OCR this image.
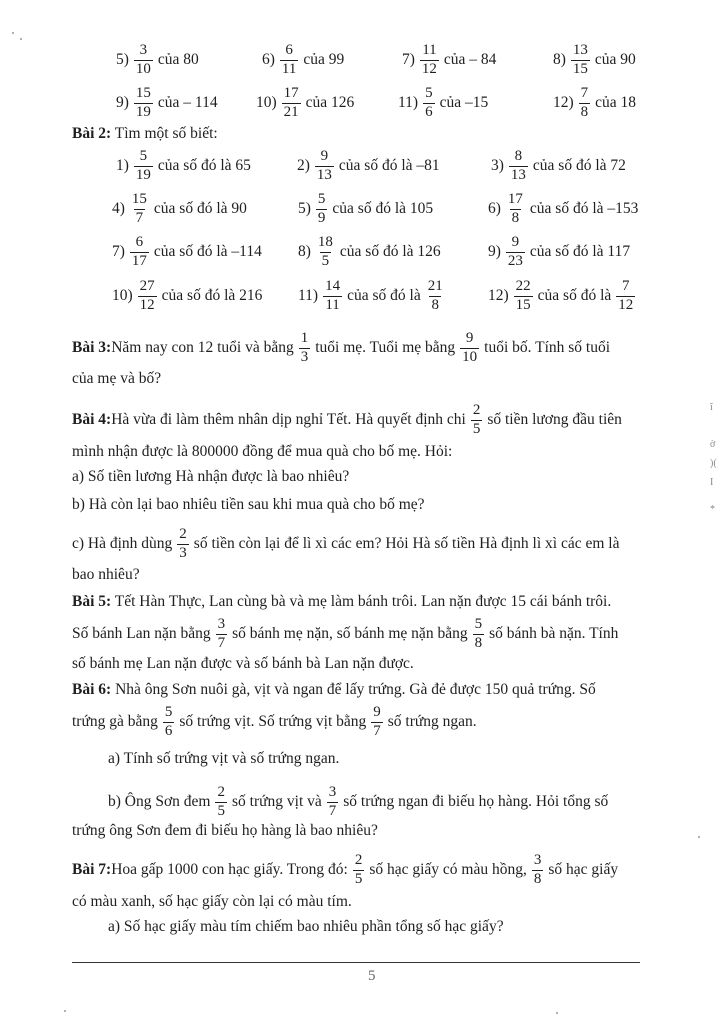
$5) \frac{3}{10}$ của 80	$6) \frac{6}{11}$ của 99	$7) \frac{11}{12}$ của – 84	$8) \frac{13}{15}$ của 90
$9) \frac{15}{19}$ của – 114 $10) \frac{17}{21}$ của 126	$11) \frac{5}{6}$ của –15	$12) \frac{7}{8}$ của 18
Bài 2: Tìm một số biết:
$1) \frac{5}{19}$ của số đó là 65	$2) \frac{9}{13}$ của số đó là –81	$3) \frac{8}{13}$ của số đó là 72
$4) \frac{15}{7}$ của số đó là 90	$5) \frac{5}{9}$ của số đó là 105	$6) \frac{17}{8}$ của số đó là –153
$7) \frac{6}{17}$ của số đó là –114 $8) \frac{18}{5}$ của số đó là 126	$9) \frac{9}{23}$ của số đó là 117
$10) \frac{27}{12}$ của số đó là 216 $11) \frac{14}{11}$ của số đó là $\frac{21}{8}$	$12) \frac{22}{15}$ của số đó là $\frac{7}{12}$
Bài 3: Năm nay con 12 tuổi và bằng $\frac{1}{3}$ tuổi mẹ. Tuổi mẹ bằng $\frac{9}{10}$ tuổi bố. Tính số tuổi
của mẹ và bố?
Bài 4: Hà vừa đi làm thêm nhân dịp nghỉ Tết. Hà quyết định chi $\frac{2}{5}$ số tiền lương đầu tiên
mình nhận được là 800000 đồng để mua quà cho bố mẹ. Hỏi:
a) Số tiền lương Hà nhận được là bao nhiêu?
b) Hà còn lại bao nhiêu tiền sau khi mua quà cho bố mẹ?
c) Hà định dùng $\frac{2}{3}$ số tiền còn lại để lì xì các em? Hỏi Hà số tiền Hà định lì xì các em là
bao nhiêu?
Bài 5: Tết Hàn Thực, Lan cùng bà và mẹ làm bánh trôi. Lan nặn được 15 cái bánh trôi.
Số bánh Lan nặn bằng $\frac{3}{7}$ số bánh mẹ nặn, số bánh mẹ nặn bằng $\frac{5}{8}$ số bánh bà nặn. Tính
số bánh mẹ Lan nặn được và số bánh bà Lan nặn được.
Bài 6: Nhà ông Sơn nuôi gà, vịt và ngan để lấy trứng. Gà đẻ được 150 quả trứng. Số
trứng gà bằng $\frac{5}{6}$ số trứng vịt. Số trứng vịt bằng $\frac{9}{7}$ số trứng ngan.
a) Tính số trứng vịt và số trứng ngan.
b) Ông Sơn đem $\frac{2}{5}$ số trứng vịt và $\frac{3}{7}$ số trứng ngan đi biếu họ hàng. Hỏi tổng số
trứng ông Sơn đem đi biếu họ hàng là bao nhiêu?
Bài 7: Hoa gấp 1000 con hạc giấy. Trong đó: $\frac{2}{5}$ số hạc giấy có màu hồng, $\frac{3}{8}$ số hạc giấy
có màu xanh, số hạc giấy còn lại có màu tím.
a) Số hạc giấy màu tím chiếm bao nhiêu phần tổng số hạc giấy?
5
ĩ
ờ
)(
I
*
